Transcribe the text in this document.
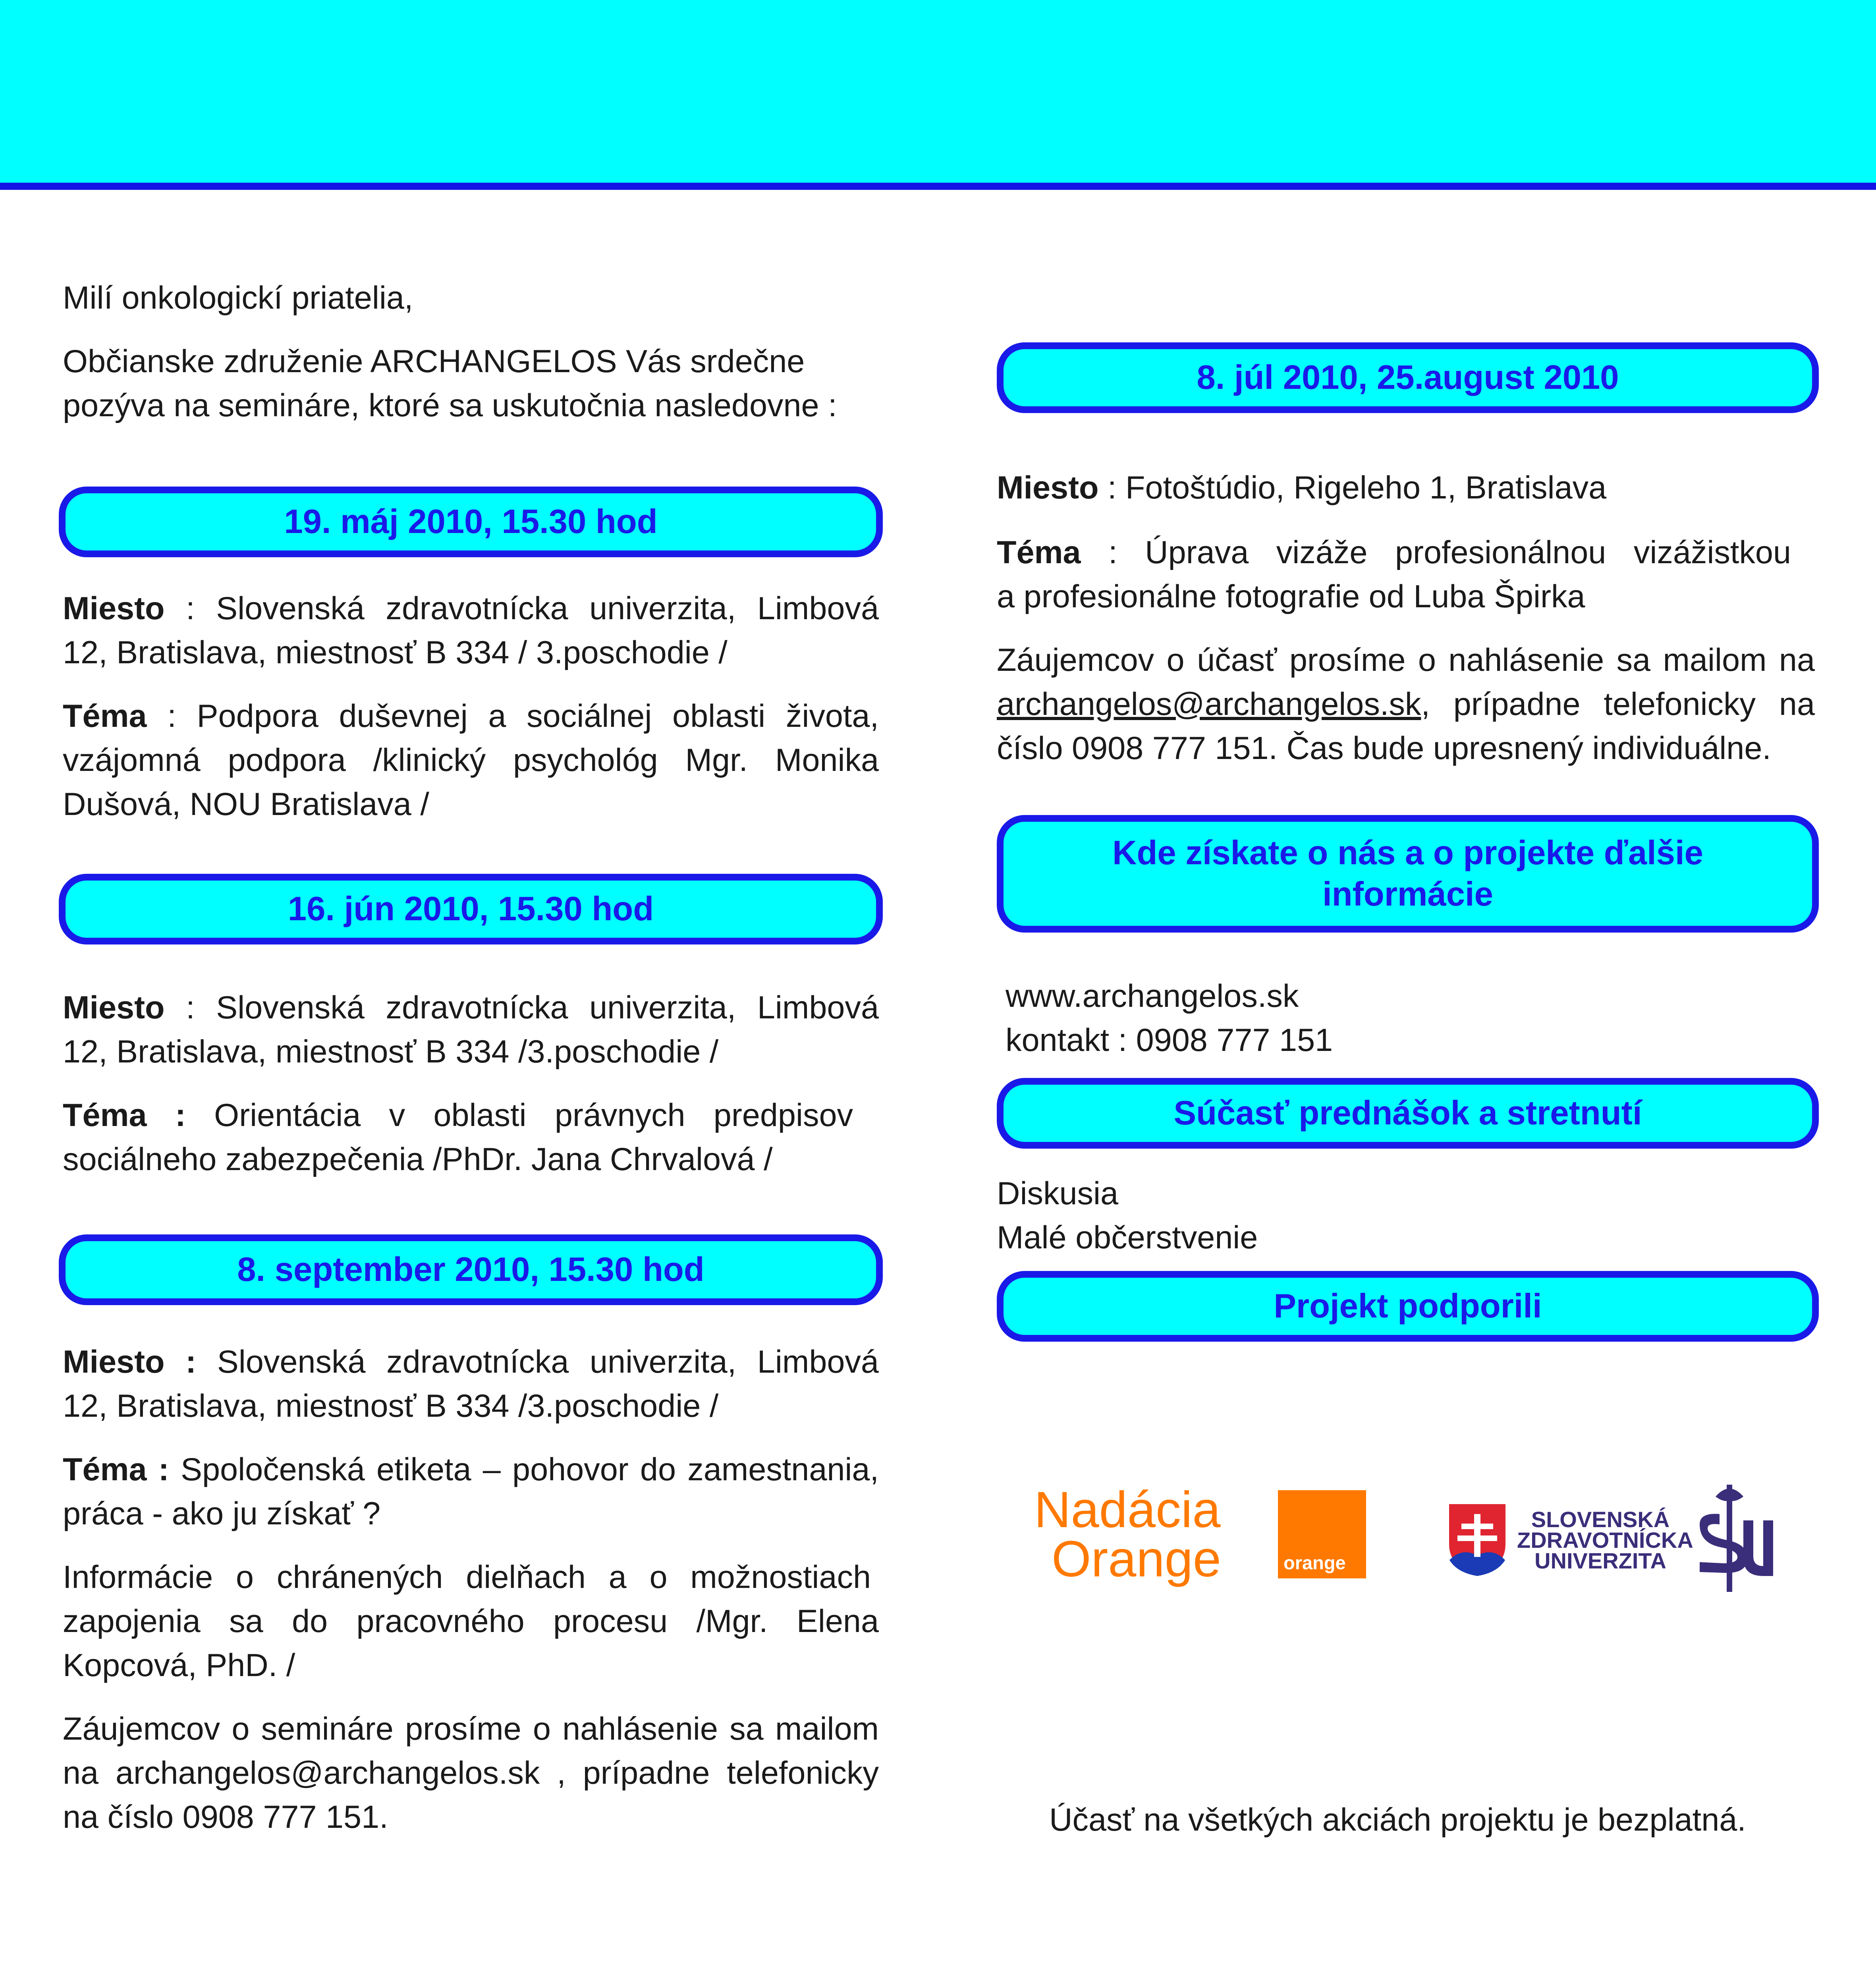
Milí onkologickí priatelia,
Občianske združenie ARCHANGELOS Vás srdečne
pozýva na semináre, ktoré sa uskutočnia nasledovne :
19. máj 2010, 15.30 hod
Miesto : Slovenská zdravotnícka univerzita, Limbová
12, Bratislava, miestnosť B 334 / 3.poschodie /
Téma : Podpora duševnej a sociálnej oblasti života,
vzájomná podpora /klinický psychológ Mgr. Monika
Dušová, NOU Bratislava /
16. jún 2010, 15.30 hod
Miesto : Slovenská zdravotnícka univerzita, Limbová
12, Bratislava, miestnosť B 334 /3.poschodie /
Téma : Orientácia v oblasti právnych predpisov
sociálneho zabezpečenia /PhDr. Jana Chrvalová /
8. september 2010, 15.30 hod
Miesto : Slovenská zdravotnícka univerzita, Limbová
12, Bratislava, miestnosť B 334 /3.poschodie /
Téma : Spoločenská etiketa – pohovor do zamestnania,
práca - ako ju získať ?
Informácie o chránených dielňach a o možnostiach
zapojenia sa do pracovného procesu /Mgr. Elena
Kopcová, PhD. /
Záujemcov o semináre prosíme o nahlásenie sa mailom
na archangelos@archangelos.sk , prípadne telefonicky
na číslo 0908 777 151.
8. júl 2010, 25.august 2010
Miesto : Fotoštúdio, Rigeleho 1, Bratislava
Téma : Úprava vizáže profesionálnou vizážistkou
a profesionálne fotografie od Luba Špirka
Záujemcov o účasť prosíme o nahlásenie sa mailom na
archangelos@archangelos.sk, prípadne telefonicky na
číslo 0908 777 151. Čas bude upresnený individuálne.
Kde získate o nás a o projekte ďalšie
informácie
www.archangelos.sk
kontakt : 0908 777 151
Súčasť prednášok a stretnutí
Diskusia
Malé občerstvenie
Projekt podporili
Nadácia
Orange	orange
SLOVENSKÁ
ZDRAVOTNÍCKA
UNIVERZITA
Účasť na všetkých akciách projektu je bezplatná.
